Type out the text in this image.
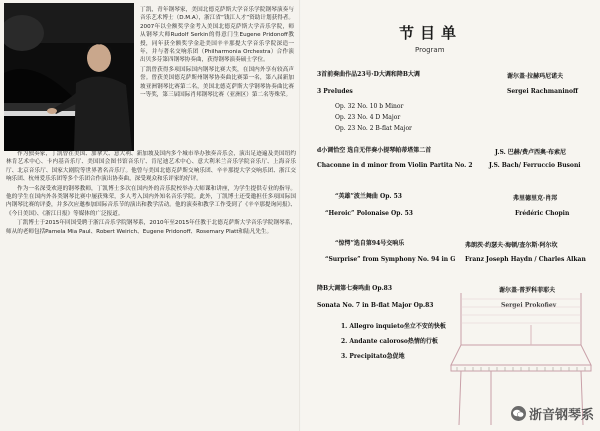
丁凯，青年钢琴家，美国北德克萨斯大学音乐学院钢琴演奏与音乐艺术博士（D.M.A），浙江省“钱江人才”资助计划获得者。2007年以全额奖学金考入美国北德克萨斯大学音乐学院，师从钢琴大师Rudolf Serkin的得意门生Eugene Pridonoff教授，同年获全额奖学金赴美国辛辛那提大学音乐学院深造一年，并与著名交响乐团（Philharmonia Orchestra）合作演出贝多芬第四钢琴协奏曲，获得钢琴演奏硕士学位。

丁凯曾获得多项国际国内钢琴比赛大奖，在国内外享有较高声誉。曾获美国德克萨斯州钢琴协奏曲比赛第一名，第八届新加坡亚洲钢琴比赛第二名，美国北德克萨斯大学钢琴协奏曲比赛一等奖，第三届国际肖邦钢琴比赛（亚洲区）第二名等殊荣。

作为独奏家，丁凯曾在美国、加拿大、意大利、新加坡及国内多个城市举办独奏音乐会，演出足迹遍及美国纽约林肯艺术中心、卡内基音乐厅、美国国会图书馆音乐厅、肯尼迪艺术中心、意大利米兰音乐学院音乐厅、上海音乐厅、北京音乐厅、国家大剧院等世界著名音乐厅。他曾与美国北德克萨斯交响乐团、辛辛那提大学交响乐团、浙江交响乐团、杭州爱乐乐团等多个乐团合作演出协奏曲，深受观众和乐评家的好评。

作为一名深受欢迎的钢琴教师，丁凯博士多次在国内外的音乐院校举办大师课和讲座，为学生提供专业的指导。他的学生在国内外各类钢琴比赛中屡获殊荣，多人考入国内外知名音乐学院。此外，丁凯博士还受邀担任多项国际国内钢琴比赛的评委，并多次应邀参加国际音乐节的演出和教学活动。他的演奏和教学工作受到了《辛辛那提询问报》、《今日美国》、《浙江日报》等媒体的广泛报道。

丁凯博士于2015年回国受聘于浙江音乐学院钢琴系，2010年至2015年任教于北德克萨斯大学音乐学院钢琴系，师从的老师包括Pamela Mia Paul、Robert Weirich、Eugene Pridonoff、Rosemary Platt和陆凡先生。

节目单
Program
3首前奏曲作品23号·D大调和降B大调	谢尔盖·拉赫玛尼诺夫
3 Preludes	Sergei Rachmaninoff
Op. 32 No. 10 b Minor
Op. 23 No. 4 D Major
Op. 23 No. 2 B-flat Major
d小调恰空 选自无伴奏小提琴帕蒂塔第二首	J.S. 巴赫/费卢西奥·布索尼
Chaconne in d minor from Violin Partita No. 2	J.S. Bach/ Ferruccio Busoni
“英雄”波兰舞曲 Op. 53	弗里德里克·肖邦
“Heroic” Polonaise Op. 53	Frédéric Chopin
“惊愕”选自第94号交响乐	弗朗茨·约瑟夫·海顿/查尔斯·阿尔坎
“Surprise” from Symphony No. 94 in G Franz Joseph Haydn / Charles Alkan
降B大调第七奏鸣曲 Op.83	谢尔盖·普罗科菲耶夫
Sonata No. 7 in B-flat Major Op.83	Sergei Prokofiev
1. Allegro inquieto坐立不安的快板
2. Andante caloroso热情的行板
3. Precipitato急促地
浙音钢琴系
